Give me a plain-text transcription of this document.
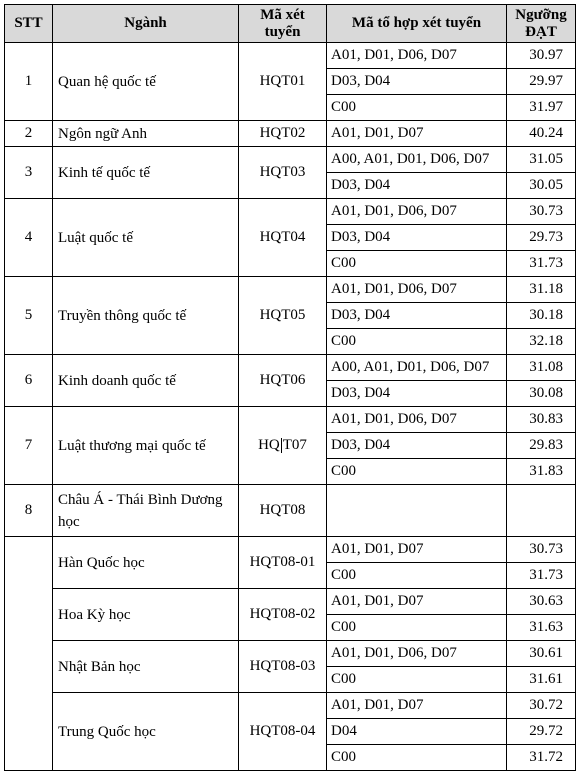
STT	Ngành	Mã xét tuyển	Mã tổ hợp xét tuyển	Ngưỡng ĐẠT
1	Quan hệ quốc tế	HQT01	A01, D01, D06, D07	30.97
			D03, D04	29.97
			C00	31.97
2	Ngôn ngữ Anh	HQT02	A01, D01, D07	40.24
3	Kinh tế quốc tế	HQT03	A00, A01, D01, D06, D07	31.05
			D03, D04	30.05
4	Luật quốc tế	HQT04	A01, D01, D06, D07	30.73
			D03, D04	29.73
			C00	31.73
5	Truyền thông quốc tế	HQT05	A01, D01, D06, D07	31.18
			D03, D04	30.18
			C00	32.18
6	Kinh doanh quốc tế	HQT06	A00, A01, D01, D06, D07	31.08
			D03, D04	30.08
7	Luật thương mại quốc tế	HQ T07	A01, D01, D06, D07	30.83
			D03, D04	29.83
			C00	31.83
8	Châu Á - Thái Bình Dương học	HQT08		
	Hàn Quốc học	HQT08-01	A01, D01, D07	30.73
			C00	31.73
	Hoa Kỳ học	HQT08-02	A01, D01, D07	30.63
			C00	31.63
	Nhật Bản học	HQT08-03	A01, D01, D06, D07	30.61
			C00	31.61
	Trung Quốc học	HQT08-04	A01, D01, D07	30.72
			D04	29.72
			C00	31.72
